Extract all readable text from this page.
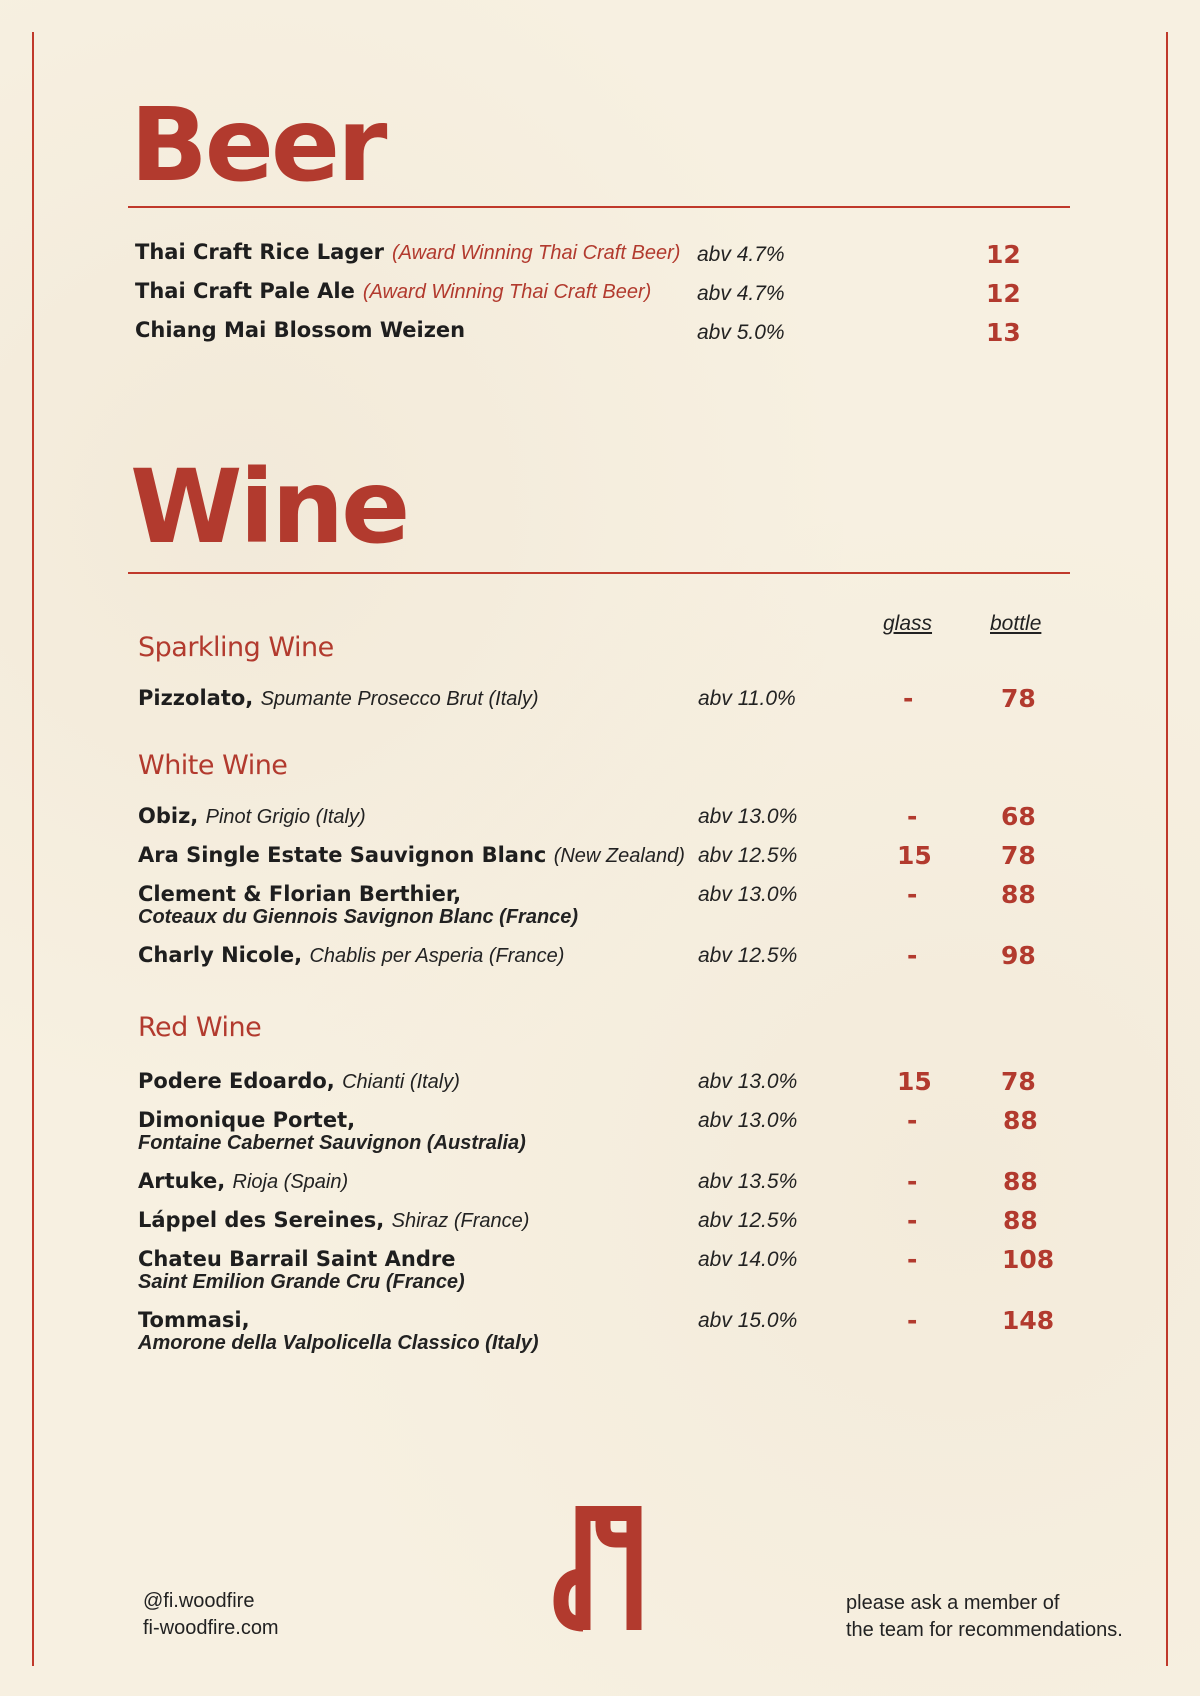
Beer
Thai Craft Rice Lager (Award Winning Thai Craft Beer) abv 4.7%	12
Thai Craft Pale Ale (Award Winning Thai Craft Beer) abv 4.7%	12
Chiang Mai Blossom Weizen	abv 5.0%	13
Wine
glass	bottle
Sparkling Wine
Pizzolato, Spumante Prosecco Brut (Italy)	abv 11.0%	-	78
White Wine
Obiz, Pinot Grigio (Italy)	abv 13.0%	-	68
Ara Single Estate Sauvignon Blanc (New Zealand) abv 12.5%	15	78
Clement & Florian Berthier,
Coteaux du Giennois Savignon Blanc (France)
abv 13.0%	-	88
Charly Nicole, Chablis per Asperia (France)	abv 12.5%	-	98
Red Wine
Podere Edoardo, Chianti (Italy)	abv 13.0%	15	78
Dimonique Portet,
Fontaine Cabernet Sauvignon (Australia)
abv 13.0%	-	88
Artuke, Rioja (Spain)	abv 13.5%	-	88
Láppel des Sereines, Shiraz (France)	abv 12.5%	-	88
Chateu Barrail Saint Andre
Saint Emilion Grande Cru (France)
abv 14.0%	-	108
Tommasi,
Amorone della Valpolicella Classico (Italy)
abv 15.0%	-	148
@fi.woodfire
fi-woodfire.com
please ask a member of
the team for recommendations.
